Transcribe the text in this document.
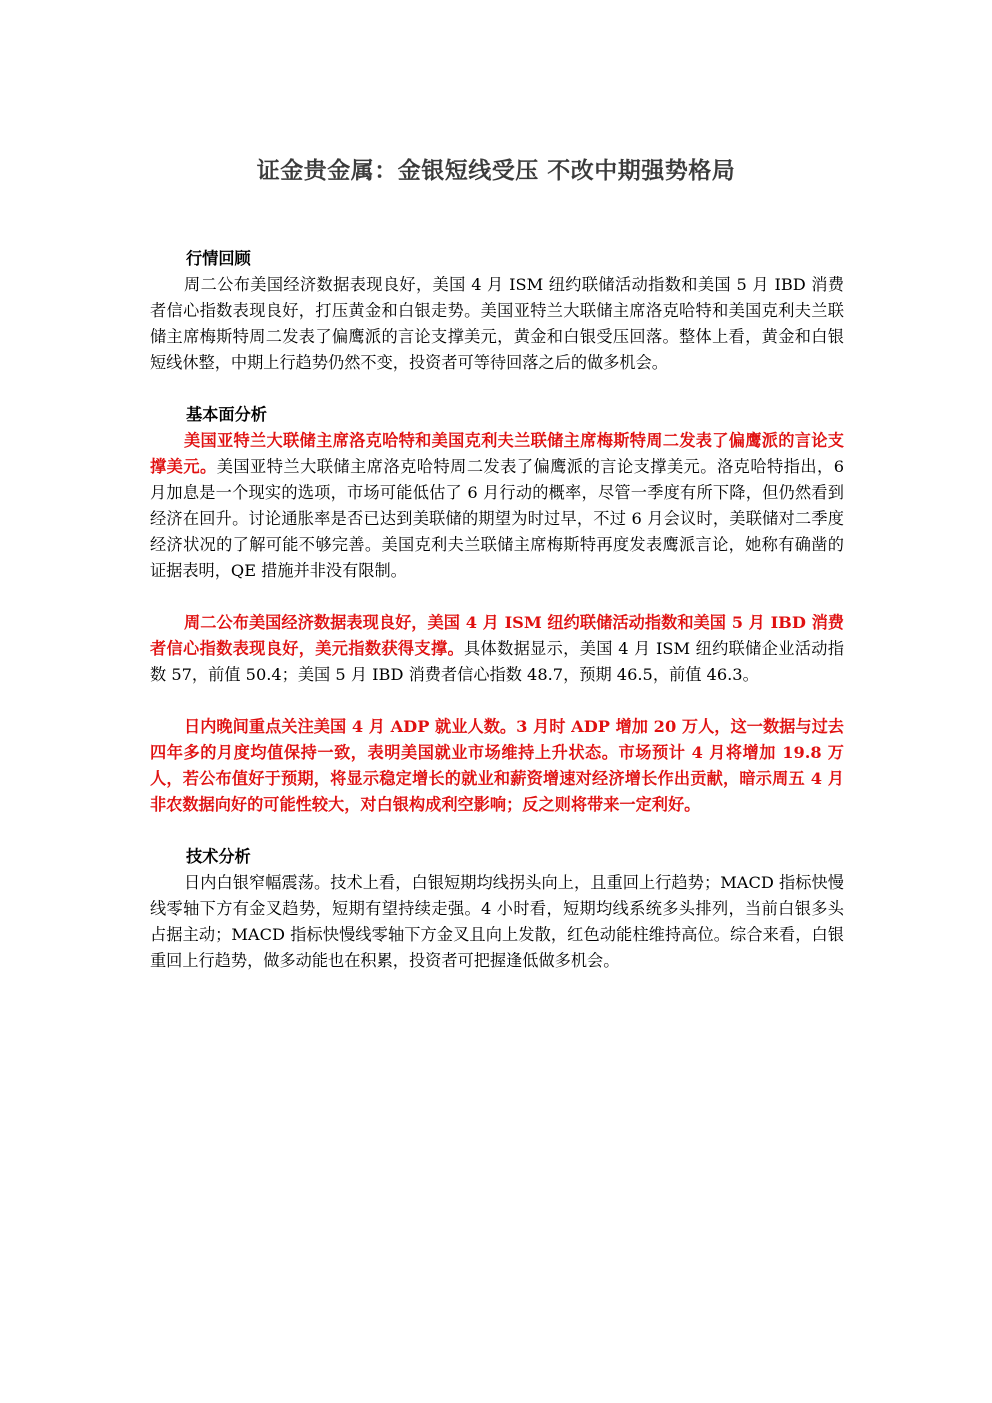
证金贵金属：金银短线受压 不改中期强势格局

行情回顾

周二公布美国经济数据表现良好，美国 4 月 ISM 纽约联储活动指数和美国 5 月 IBD 消费者信心指数表现良好，打压黄金和白银走势。美国亚特兰大联储主席洛克哈特和美国克利夫兰联储主席梅斯特周二发表了偏鹰派的言论支撑美元，黄金和白银受压回落。整体上看，黄金和白银短线休整，中期上行趋势仍然不变，投资者可等待回落之后的做多机会。

基本面分析

美国亚特兰大联储主席洛克哈特和美国克利夫兰联储主席梅斯特周二发表了偏鹰派的言论支撑美元。美国亚特兰大联储主席洛克哈特周二发表了偏鹰派的言论支撑美元。洛克哈特指出，6 月加息是一个现实的选项，市场可能低估了 6 月行动的概率，尽管一季度有所下降，但仍然看到经济在回升。讨论通胀率是否已达到美联储的期望为时过早，不过 6 月会议时，美联储对二季度经济状况的了解可能不够完善。美国克利夫兰联储主席梅斯特再度发表鹰派言论，她称有确凿的证据表明，QE 措施并非没有限制。

周二公布美国经济数据表现良好，美国 4 月 ISM 纽约联储活动指数和美国 5 月 IBD 消费者信心指数表现良好，美元指数获得支撑。具体数据显示，美国 4 月 ISM 纽约联储企业活动指数 57，前值 50.4；美国 5 月 IBD 消费者信心指数 48.7，预期 46.5，前值 46.3。

日内晚间重点关注美国 4 月 ADP 就业人数。3 月时 ADP 增加 20 万人，这一数据与过去四年多的月度均值保持一致，表明美国就业市场维持上升状态。市场预计 4 月将增加 19.8 万人，若公布值好于预期，将显示稳定增长的就业和薪资增速对经济增长作出贡献，暗示周五 4 月非农数据向好的可能性较大，对白银构成利空影响；反之则将带来一定利好。

技术分析

日内白银窄幅震荡。技术上看，白银短期均线拐头向上，且重回上行趋势；MACD 指标快慢线零轴下方有金叉趋势，短期有望持续走强。4 小时看，短期均线系统多头排列，当前白银多头占据主动；MACD 指标快慢线零轴下方金叉且向上发散，红色动能柱维持高位。综合来看，白银重回上行趋势，做多动能也在积累，投资者可把握逢低做多机会。
